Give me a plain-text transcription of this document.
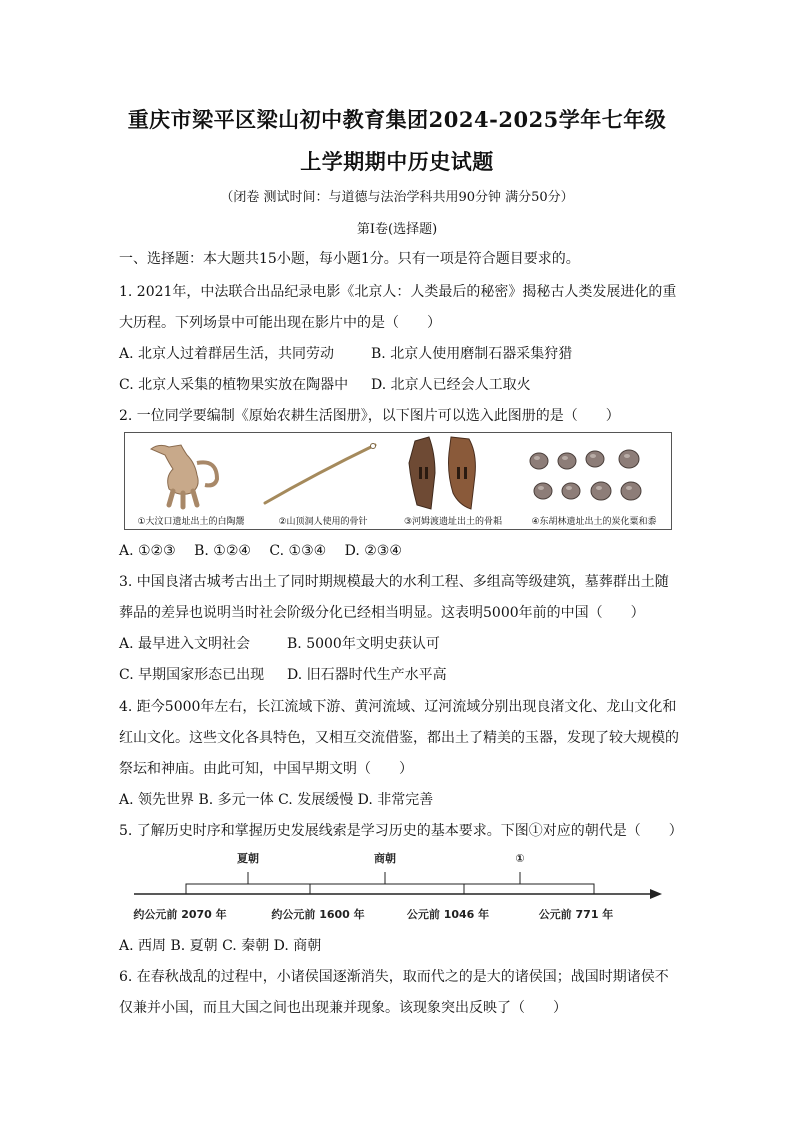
重庆市梁平区梁山初中教育集团2024-2025学年七年级
上学期期中历史试题
（闭卷 测试时间：与道德与法治学科共用90分钟 满分50分）
第I卷(选择题)
一、选择题：本大题共15小题，每小题1分。只有一项是符合题目要求的。
1. 2021年，中法联合出品纪录电影《北京人：人类最后的秘密》揭秘古人类发展进化的重
大历程。下列场景中可能出现在影片中的是（　　）
A. 北京人过着群居生活，共同劳动	B. 北京人使用磨制石器采集狩猎
C. 北京人采集的植物果实放在陶器中 D. 北京人已经会人工取火
2. 一位同学要编制《原始农耕生活图册》，以下图片可以选入此图册的是（　　）
①大汶口遗址出土的白陶鬶	②山顶洞人使用的骨针	③河姆渡遗址出土的骨耜	④东胡林遗址出土的炭化粟和黍
A. ①②③　 B. ①②④　 C. ①③④　 D. ②③④
3. 中国良渚古城考古出土了同时期规模最大的水利工程、多组高等级建筑，墓葬群出土随
葬品的差异也说明当时社会阶级分化已经相当明显。这表明5000年前的中国（　　）
A. 最早进入文明社会	B. 5000年文明史获认可
C. 早期国家形态已出现 D. 旧石器时代生产水平高
4. 距今5000年左右，长江流域下游、黄河流域、辽河流域分别出现良渚文化、龙山文化和
红山文化。这些文化各具特色，又相互交流借鉴，都出土了精美的玉器，发现了较大规模的
祭坛和神庙。由此可知，中国早期文明（　　）
A. 领先世界 B. 多元一体 C. 发展缓慢 D. 非常完善
5. 了解历史时序和掌握历史发展线索是学习历史的基本要求。下图①对应的朝代是（　　）
夏朝	商朝	①
约公元前 2070 年	约公元前 1600 年	公元前 1046 年	公元前 771 年
A. 西周 B. 夏朝 C. 秦朝 D. 商朝
6. 在春秋战乱的过程中，小诸侯国逐渐消失，取而代之的是大的诸侯国；战国时期诸侯不
仅兼并小国，而且大国之间也出现兼并现象。该现象突出反映了（　　）
